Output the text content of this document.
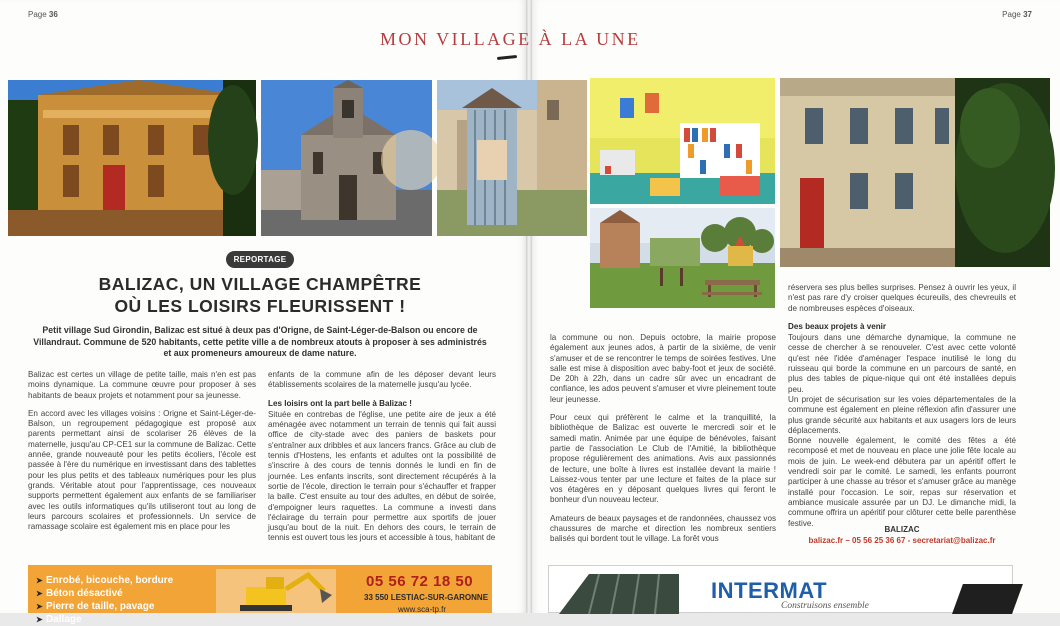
Page 36	Page 37
MON VILLAGE À LA UNE
REPORTAGE
BALIZAC, UN VILLAGE CHAMPÊTRE
OÙ LES LOISIRS FLEURISSENT !
Petit village Sud Girondin, Balizac est situé à deux pas d'Origne, de Saint-Léger-de-Balson ou encore de Villandraut. Commune de 520 habitants, cette petite ville a de nombreux atouts à proposer à ses administrés et aux promeneurs amoureux de dame nature.

Balizac est certes un village de petite taille, mais n'en est pas moins dynamique. La commune œuvre pour proposer à ses habitants de beaux projets et notamment pour sa jeunesse.

En accord avec les villages voisins : Origne et Saint-Léger-de-Balson, un regroupement pédagogique est proposé aux parents permettant ainsi de scolariser 26 élèves de la maternelle, jusqu'au CP-CE1 sur la commune de Balizac. Cette année, grande nouveauté pour les petits écoliers, l'école est passée à l'ère du numérique en investissant dans des tablettes pour les plus petits et des tableaux numériques pour les plus grands. Véritable atout pour l'apprentissage, ces nouveaux supports permettent également aux enfants de se familiariser avec les outils informatiques qu'ils utiliseront tout au long de leurs parcours scolaires et professionnels. Un service de ramassage scolaire est également mis en place pour les

enfants de la commune afin de les déposer devant leurs établissements scolaires de la maternelle jusqu'au lycée.

Les loisirs ont la part belle à Balizac !

Située en contrebas de l'église, une petite aire de jeux a été aménagée avec notamment un terrain de tennis qui fait aussi office de city-stade avec des paniers de baskets pour s'entraîner aux dribbles et aux lancers francs. Grâce au club de tennis d'Hostens, les enfants et adultes ont la possibilité de s'inscrire à des cours de tennis donnés le lundi en fin de journée. Les enfants inscrits, sont directement récupérés à la sortie de l'école, direction le terrain pour s'échauffer et frapper la balle. C'est ensuite au tour des adultes, en début de soirée, d'empoigner leurs raquettes. La commune a investi dans l'éclairage du terrain pour permettre aux sportifs de jouer jusqu'au bout de la nuit. En dehors des cours, le terrain de tennis est ouvert tous les jours et accessible à tous, habitant de

la commune ou non. Depuis octobre, la mairie propose également aux jeunes ados, à partir de la sixième, de venir s'amuser et de se rencontrer le temps de soirées festives. Une salle est mise à disposition avec baby-foot et jeux de société. De 20h à 22h, dans un cadre sûr avec un encadrant de confiance, les ados peuvent s'amuser et vivre pleinement toute leur jeunesse.

Pour ceux qui préfèrent le calme et la tranquillité, la bibliothèque de Balizac est ouverte le mercredi soir et le samedi matin. Animée par une équipe de bénévoles, faisant partie de l'association Le Club de l'Amitié, la bibliothèque propose régulièrement des animations. Avis aux passionnés de lecture, une boîte à livres est installée devant la mairie ! Laissez-vous tenter par une lecture et faites de la place sur vos étagères en y déposant quelques livres qui feront le bonheur d'un nouveau lecteur.

Amateurs de beaux paysages et de randonnées, chaussez vos chaussures de marche et direction les nombreux sentiers balisés qui bordent tout le village. La forêt vous

réservera ses plus belles surprises. Pensez à ouvrir les yeux, il n'est pas rare d'y croiser quelques écureuils, des chevreuils et de nombreuses espèces d'oiseaux.

Des beaux projets à venir

Toujours dans une démarche dynamique, la commune ne cesse de chercher à se renouveler. C'est avec cette volonté qu'est née l'idée d'aménager l'espace inutilisé le long du ruisseau qui borde la commune en un parcours de santé, en plus des tables de pique-nique qui ont été installées depuis peu.

Un projet de sécurisation sur les voies départementales de la commune est également en pleine réflexion afin d'assurer une plus grande sécurité aux habitants et aux usagers lors de leurs déplacements.

Bonne nouvelle également, le comité des fêtes a été recomposé et met de nouveau en place une jolie fête locale au mois de juin. Le week-end débutera par un apéritif offert le vendredi soir par le comité. Le samedi, les enfants pourront participer à une chasse au trésor et s'amuser grâce au manège installé pour l'occasion. Le soir, repas sur réservation et ambiance musicale assurée par un DJ. Le dimanche midi, la commune offrira un apéritif pour clôturer cette belle parenthèse festive.

BALIZAC
balizac.fr – 05 56 25 36 67 - secretariat@balizac.fr
➤ Enrobé, bicouche, bordure
➤ Béton désactivé
➤ Pierre de taille, pavage
➤ Dallage
05 56 72 18 50
33 550 LESTIAC-SUR-GARONNE
www.sca-tp.fr
INTERMAT
Construisons ensemble
